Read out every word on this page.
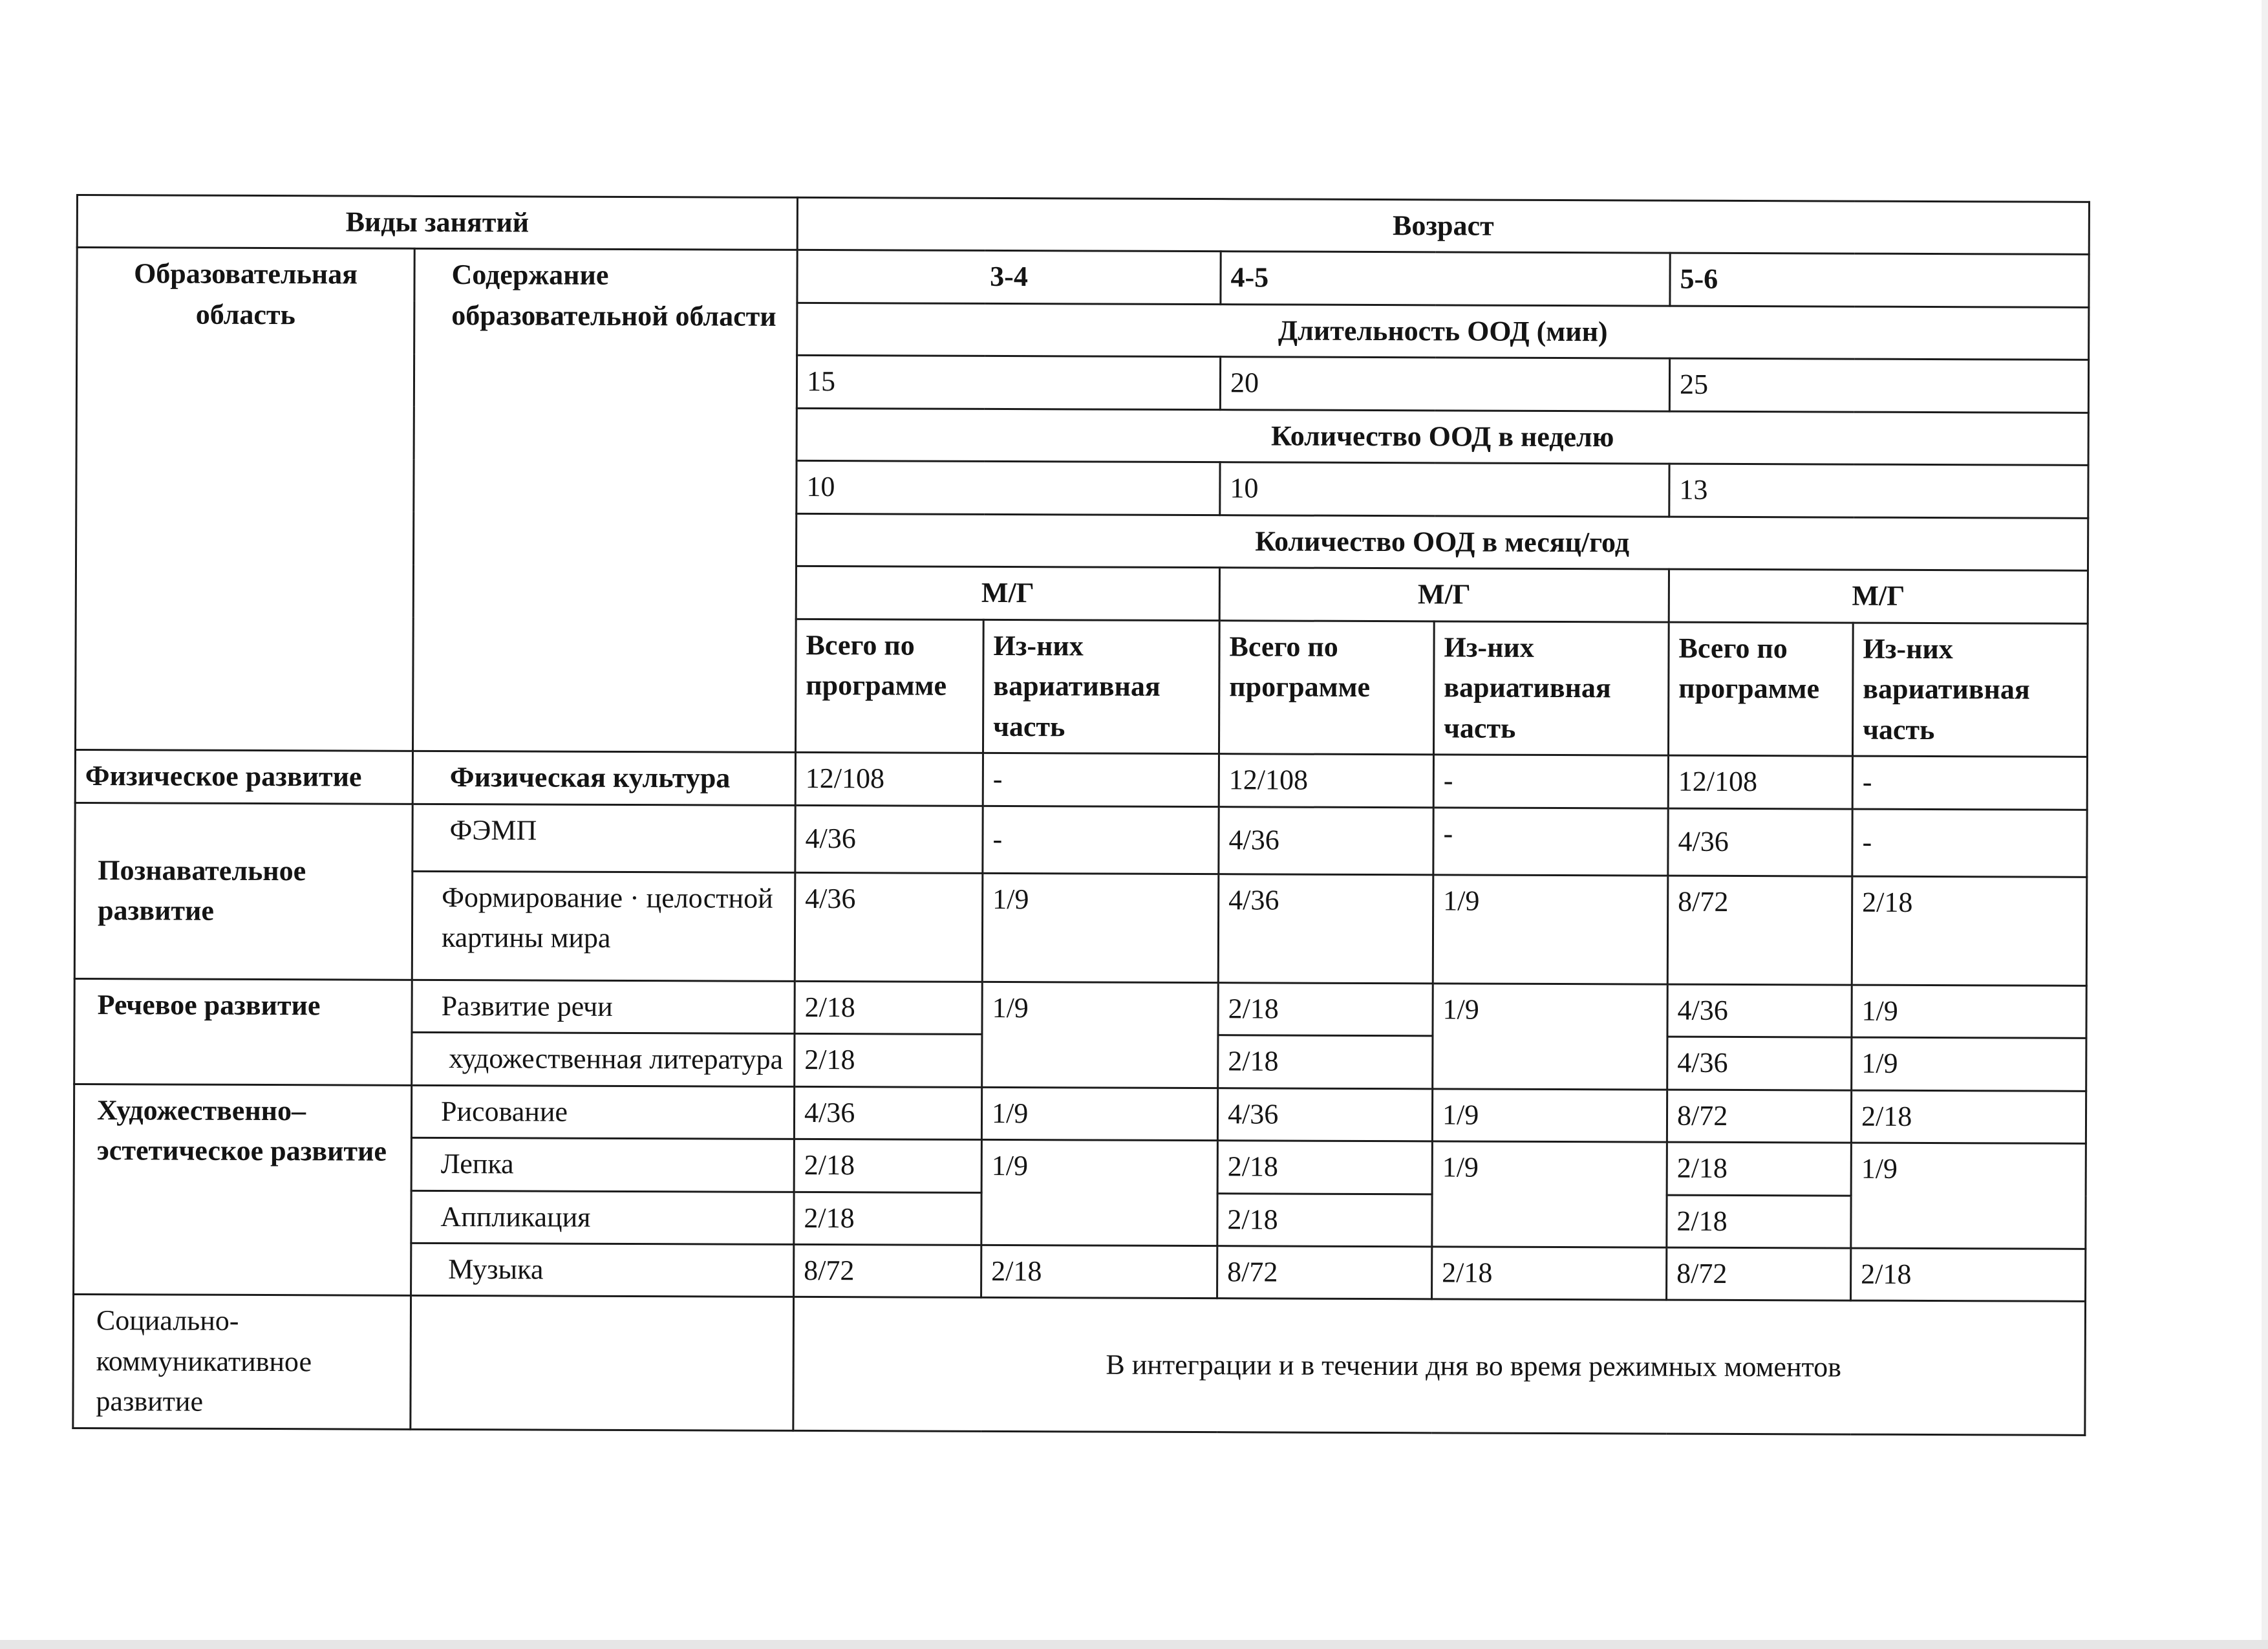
Виды занятий		Возраст					
Образовательная область	Содержание образовательной области	3-4		4-5		5-6	
		Длительность ООД (мин)					
		15		20		25	
		Количество ООД в неделю					
		10		10		13	
		Количество ООД в месяц/год					
		М/Г		М/Г		М/Г	
		Всего по программе	Из-них вариативная часть	Всего по программе	Из-них вариативная часть	Всего по программе	Из-них вариативная часть
Физическое развитие	Физическая культура	12/108	-	12/108	-	12/108	-
Познавательное развитие	ФЭМП	4/36	-	4/36	-	4/36	-
	Формирование · целостной картины мира	4/36	1/9	4/36	1/9	8/72	2/18
Речевое развитие	Развитие речи	2/18	1/9	2/18	1/9	4/36	1/9
	художественная литература	2/18		2/18		4/36	1/9
Художественно–эстетическое развитие	Рисование	4/36	1/9	4/36	1/9	8/72	2/18
	Лепка	2/18	1/9	2/18	1/9	2/18	1/9
	Аппликация	2/18		2/18		2/18	
	Музыка	8/72	2/18	8/72	2/18	8/72	2/18
Социально-коммуникативное развитие		В интеграции и в течении дня во время режимных моментов					
